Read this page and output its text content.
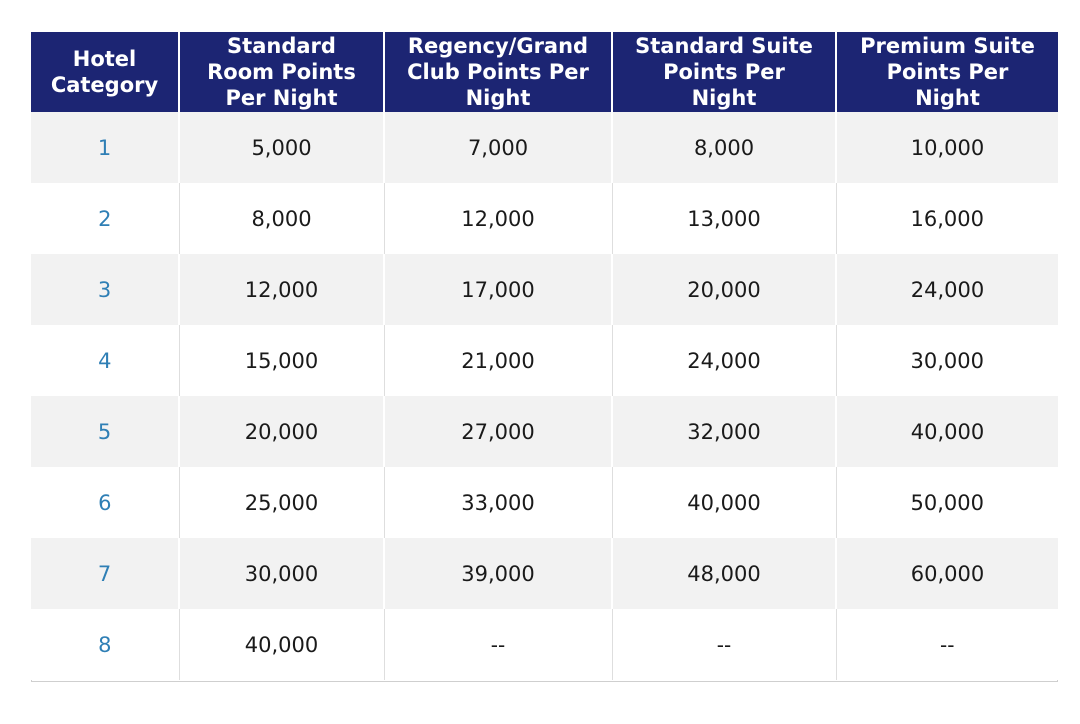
Hotel
Category	Standard
Room Points
Per Night	Regency/Grand
Club Points Per
Night	Standard Suite
Points Per
Night	Premium Suite
Points Per
Night

1	5,000	7,000	8,000	10,000
2	8,000	12,000	13,000	16,000
3	12,000	17,000	20,000	24,000
4	15,000	21,000	24,000	30,000
5	20,000	27,000	32,000	40,000
6	25,000	33,000	40,000	50,000
7	30,000	39,000	48,000	60,000
8	40,000	--	--	--
